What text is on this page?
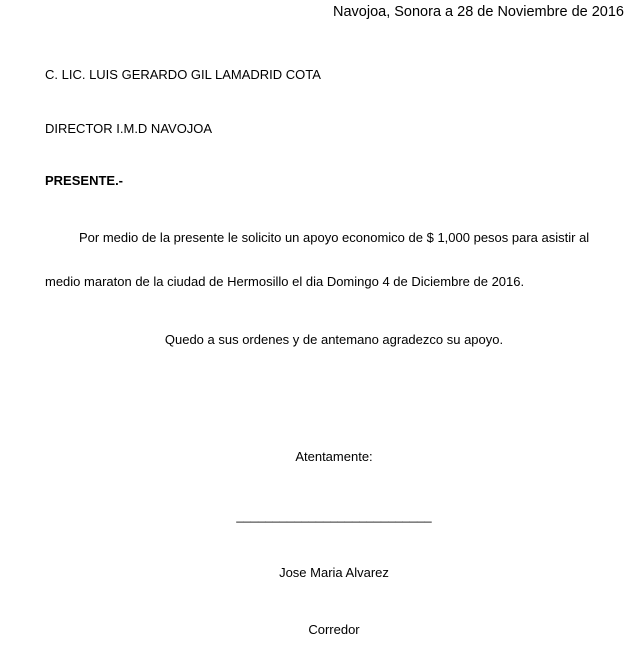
Navojoa, Sonora a 28 de Noviembre de 2016
C. LIC. LUIS GERARDO GIL LAMADRID COTA
DIRECTOR I.M.D NAVOJOA
PRESENTE.-
Por medio de la presente le solicito un apoyo economico de $ 1,000 pesos para asistir al
medio maraton de la ciudad de Hermosillo el dia Domingo 4 de Diciembre de 2016.
Quedo a sus ordenes y de antemano agradezco su apoyo.
Atentamente:
___________________________
Jose Maria Alvarez
Corredor
